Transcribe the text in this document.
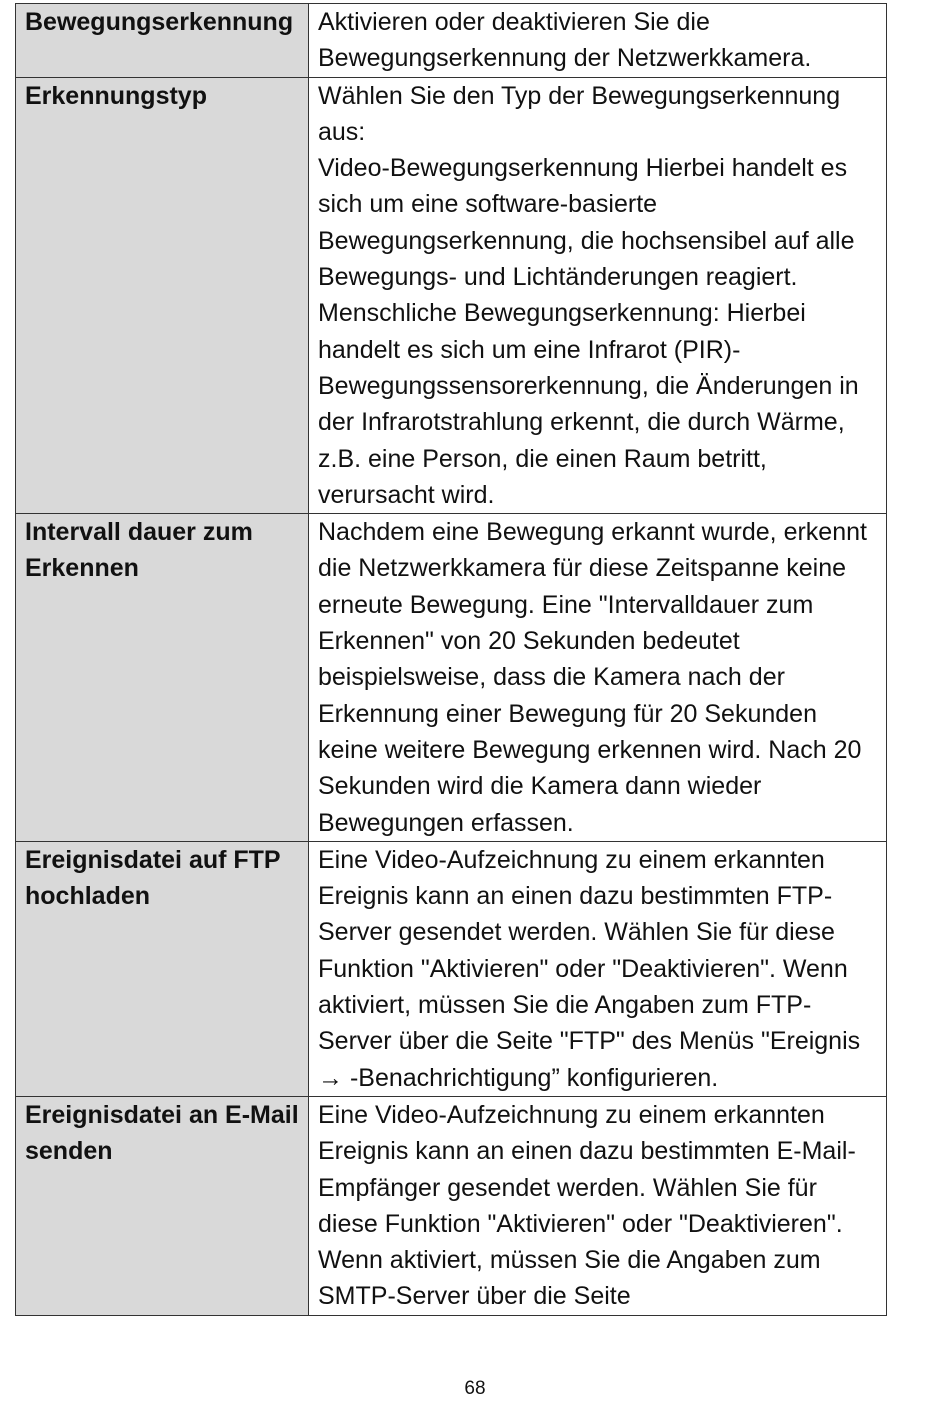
Bewegungserkennung	Aktivieren oder deaktivieren Sie die Bewegungserkennung der Netzwerkkamera.
Erkennungstyp	Wählen Sie den Typ der Bewegungserkennung aus:
Video-Bewegungserkennung Hierbei handelt es sich um eine software-basierte Bewegungserkennung, die hochsensibel auf alle Bewegungs- und Lichtänderungen reagiert.
Menschliche Bewegungserkennung: Hierbei handelt es sich um eine Infrarot (PIR)-Bewegungssensorerkennung, die Änderungen in der Infrarotstrahlung erkennt, die durch Wärme, z.B. eine Person, die einen Raum betritt, verursacht wird.
Intervall dauer zum Erkennen	Nachdem eine Bewegung erkannt wurde, erkennt die Netzwerkkamera für diese Zeitspanne keine erneute Bewegung. Eine "Intervalldauer zum Erkennen" von 20 Sekunden bedeutet beispielsweise, dass die Kamera nach der Erkennung einer Bewegung für 20 Sekunden keine weitere Bewegung erkennen wird. Nach 20 Sekunden wird die Kamera dann wieder Bewegungen erfassen.
Ereignisdatei auf FTP hochladen	Eine Video-Aufzeichnung zu einem erkannten Ereignis kann an einen dazu bestimmten FTP-Server gesendet werden. Wählen Sie für diese Funktion "Aktivieren" oder "Deaktivieren". Wenn aktiviert, müssen Sie die Angaben zum FTP-Server über die Seite "FTP" des Menüs "Ereignis → -Benachrichtigung” konfigurieren.
Ereignisdatei an E-Mail senden	Eine Video-Aufzeichnung zu einem erkannten Ereignis kann an einen dazu bestimmten E-Mail-Empfänger gesendet werden. Wählen Sie für diese Funktion "Aktivieren" oder "Deaktivieren". Wenn aktiviert, müssen Sie die Angaben zum SMTP-Server über die Seite
68
